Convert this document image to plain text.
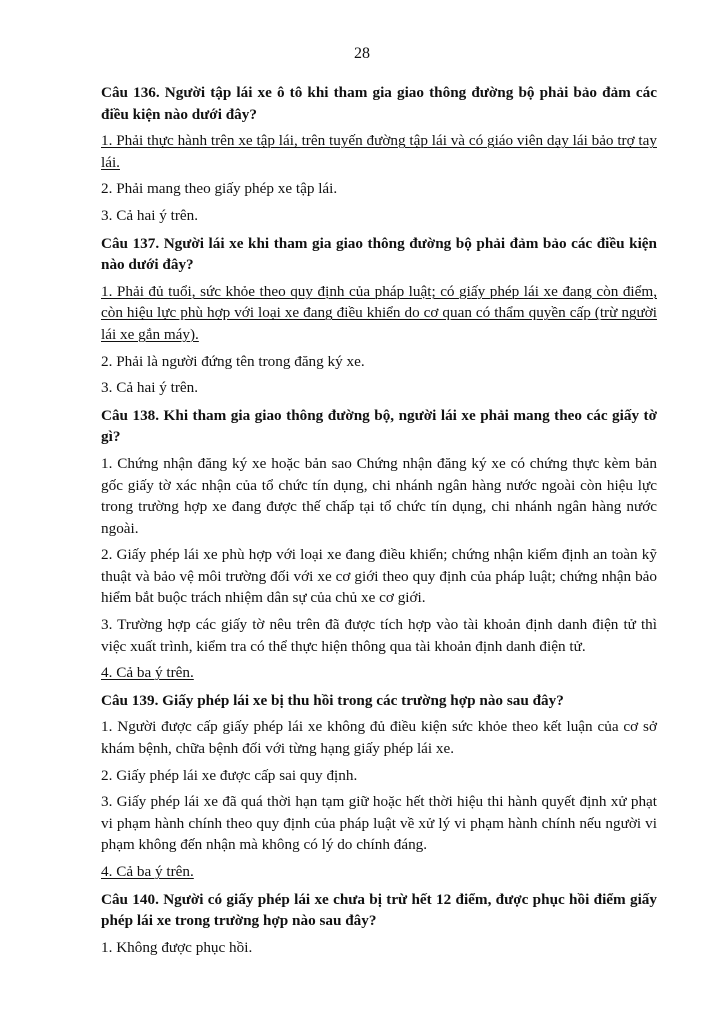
28

Câu 136. Người tập lái xe ô tô khi tham gia giao thông đường bộ phải bảo đảm các điều kiện nào dưới đây?

1. Phải thực hành trên xe tập lái, trên tuyến đường tập lái và có giáo viên dạy lái bảo trợ tay lái.

2. Phải mang theo giấy phép xe tập lái.

3. Cả hai ý trên.

Câu 137. Người lái xe khi tham gia giao thông đường bộ phải đảm bảo các điều kiện nào dưới đây?

1. Phải đủ tuổi, sức khỏe theo quy định của pháp luật; có giấy phép lái xe đang còn điểm, còn hiệu lực phù hợp với loại xe đang điều khiển do cơ quan có thẩm quyền cấp (trừ người lái xe gắn máy).

2. Phải là người đứng tên trong đăng ký xe.

3. Cả hai ý trên.

Câu 138. Khi tham gia giao thông đường bộ, người lái xe phải mang theo các giấy tờ gì?

1. Chứng nhận đăng ký xe hoặc bản sao Chứng nhận đăng ký xe có chứng thực kèm bản gốc giấy tờ xác nhận của tổ chức tín dụng, chi nhánh ngân hàng nước ngoài còn hiệu lực trong trường hợp xe đang được thế chấp tại tổ chức tín dụng, chi nhánh ngân hàng nước ngoài.

2. Giấy phép lái xe phù hợp với loại xe đang điều khiển; chứng nhận kiểm định an toàn kỹ thuật và bảo vệ môi trường đối với xe cơ giới theo quy định của pháp luật; chứng nhận bảo hiểm bắt buộc trách nhiệm dân sự của chủ xe cơ giới.

3. Trường hợp các giấy tờ nêu trên đã được tích hợp vào tài khoản định danh điện tử thì việc xuất trình, kiểm tra có thể thực hiện thông qua tài khoản định danh điện tử.

4. Cả ba ý trên.

Câu 139. Giấy phép lái xe bị thu hồi trong các trường hợp nào sau đây?

1. Người được cấp giấy phép lái xe không đủ điều kiện sức khỏe theo kết luận của cơ sở khám bệnh, chữa bệnh đối với từng hạng giấy phép lái xe.

2. Giấy phép lái xe được cấp sai quy định.

3. Giấy phép lái xe đã quá thời hạn tạm giữ hoặc hết thời hiệu thi hành quyết định xử phạt vi phạm hành chính theo quy định của pháp luật về xử lý vi phạm hành chính nếu người vi phạm không đến nhận mà không có lý do chính đáng.

4. Cả ba ý trên.

Câu 140. Người có giấy phép lái xe chưa bị trừ hết 12 điểm, được phục hồi điểm giấy phép lái xe trong trường hợp nào sau đây?

1. Không được phục hồi.
